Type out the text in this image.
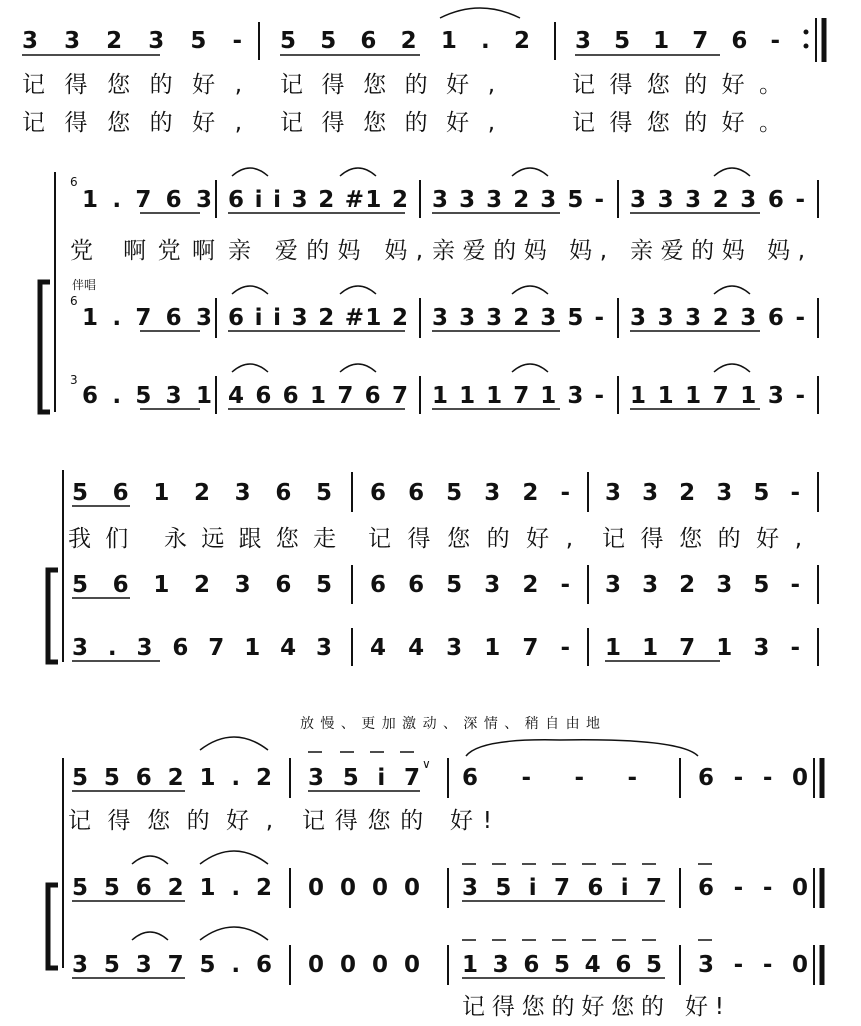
3 3 2 3 5 - 5 5 6 2 1 . 2 3 5 1 7 6 -
记得您的好, 记得您的好,	记得您的好。
记得您的好, 记得您的好,	记得您的好。
伴唱
6
1 . 7 6 3 6 i i 3 2 #1 2 3 3 3 2 3 5 - 3 3 3 2 3 6 -
党 啊党啊 亲 爱的妈 妈, 亲爱的妈 妈, 亲爱的妈 妈,
6
1 . 7 6 3 6 i i 3 2 #1 2 3 3 3 2 3 5 - 3 3 3 2 3 6 -
3
6 . 5 3 1 4 6 6 1 7 6 7 1 1 1 7 1 3 - 1 1 1 7 1 3 -
5 6 1 2 3 6 5 6 6 5 3 2 - 3 3 2 3 5 -
我们 永远跟您走 记得您的好, 记得您的好,
5 6 1 2 3 6 5 6 6 5 3 2 - 3 3 2 3 5 -
3 . 3 6 7 1 4 3 4 4 3 1 7 - 1 1 7 1 3 -
放慢、更加激动、深情、稍自由地
5 5 6 2 1 . 2 3 5 i 7
∨
6 - - -	6 - - 0
记得您的好, 记得您的 好!
5 5 6 2 1 . 2 0 0 0 0 3 5 i 7 6 i 7 6 - - 0
3 5 3 7 5 . 6 0 0 0 0 1 3 6 5 4 6 5 3 - - 0
记得您的好您的 好!
